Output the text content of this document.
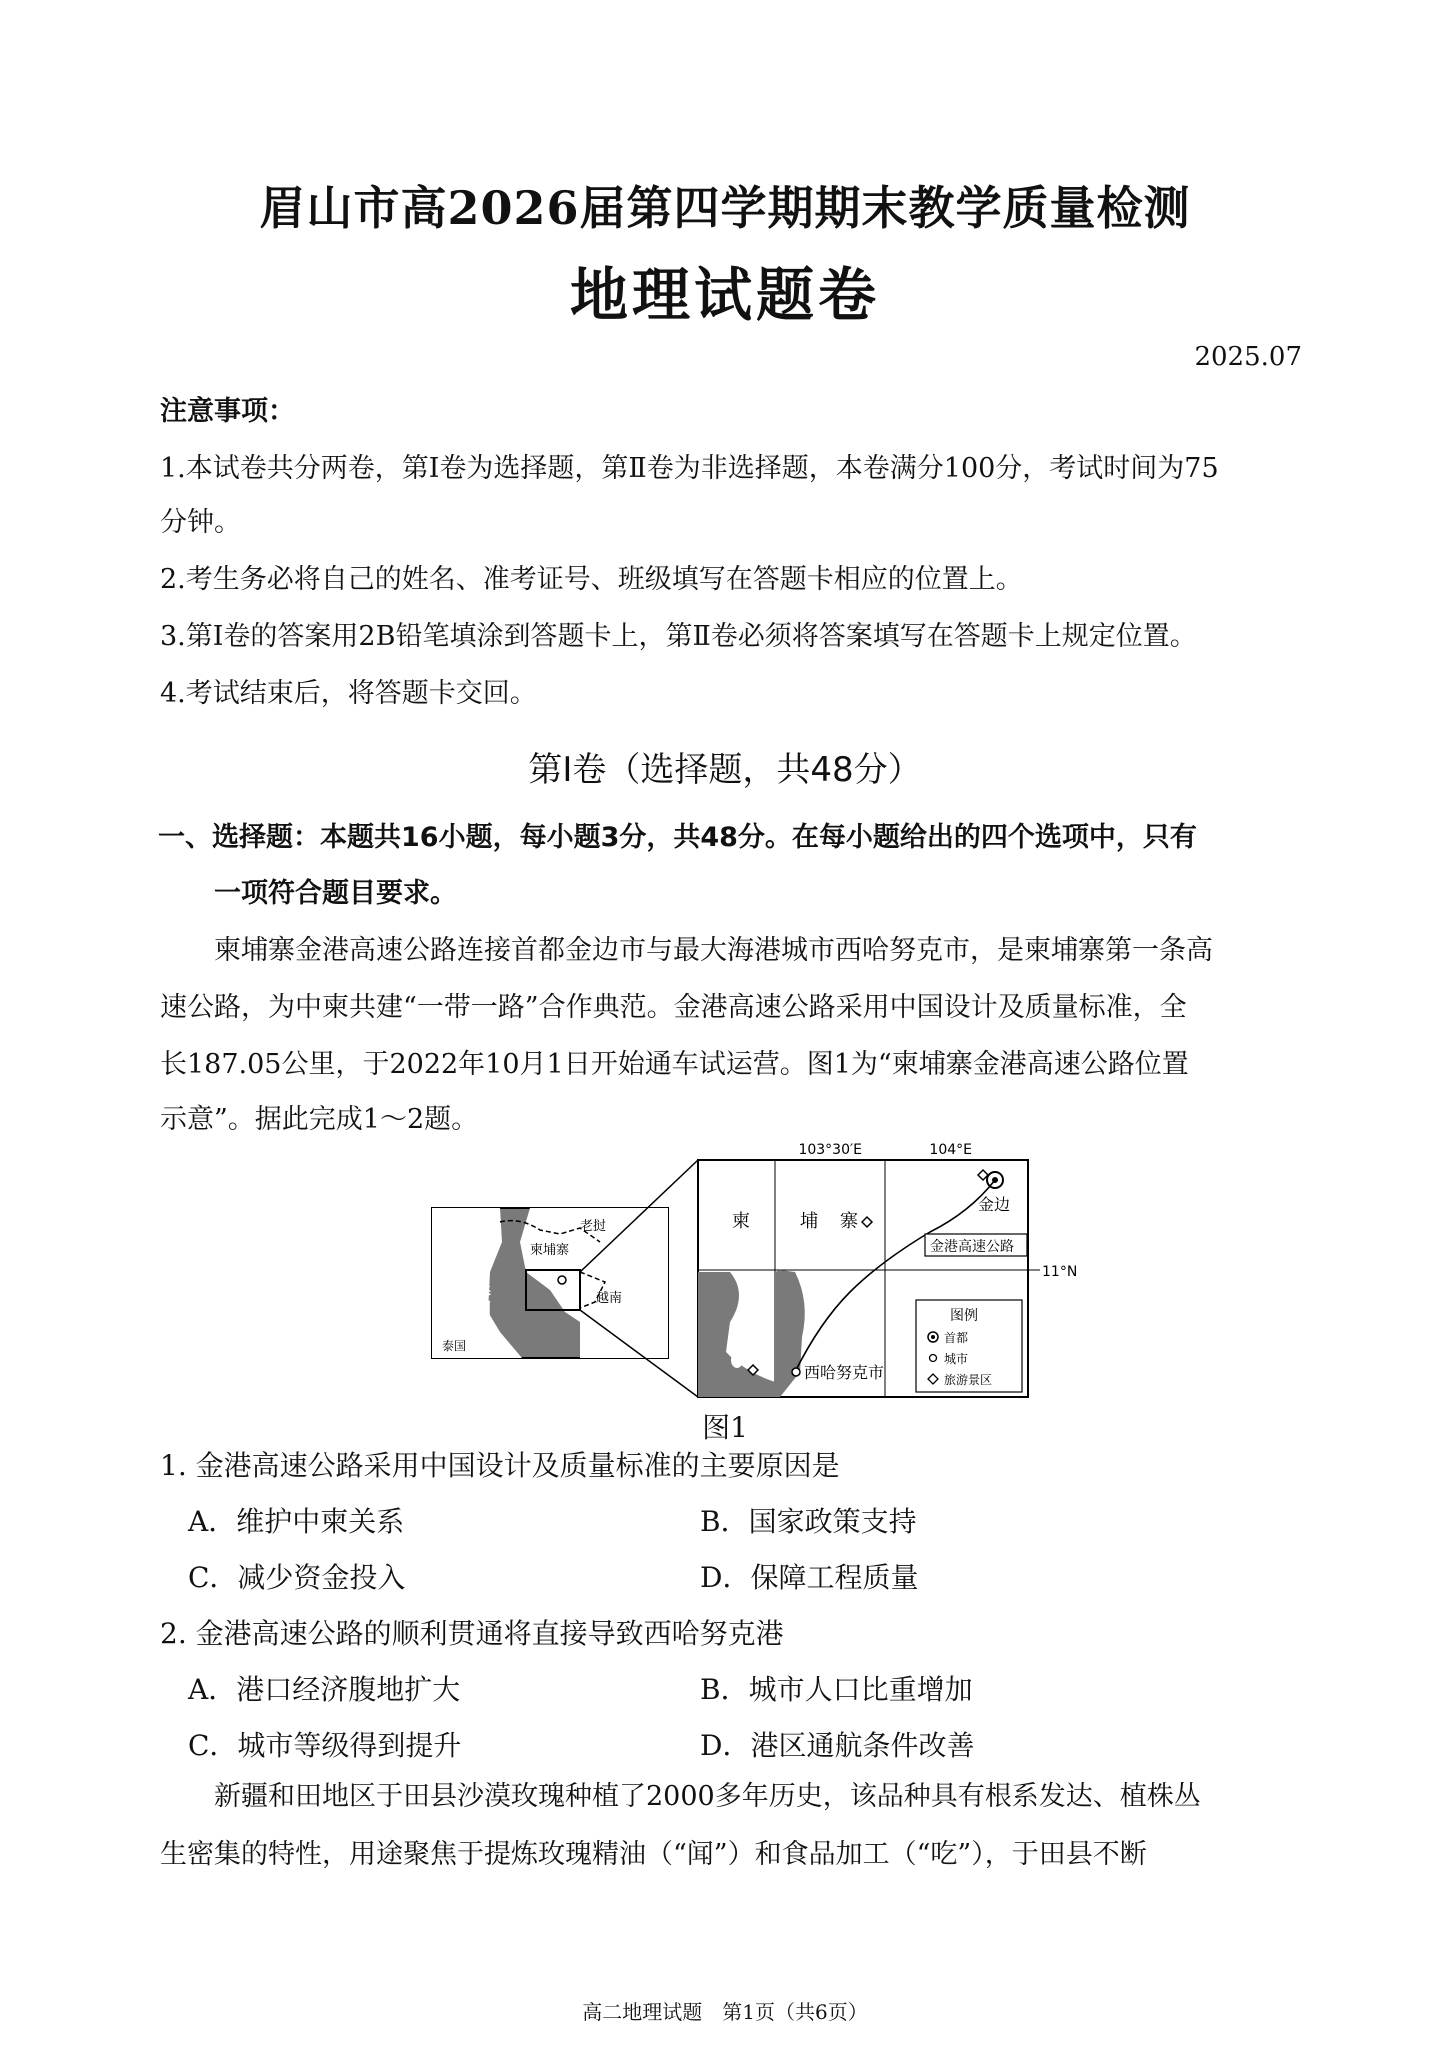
眉山市高2026届第四学期期末教学质量检测
地理试题卷
2025.07
注意事项：
1.本试卷共分两卷，第Ⅰ卷为选择题，第Ⅱ卷为非选择题，本卷满分100分，考试时间为75
分钟。
2.考生务必将自己的姓名、准考证号、班级填写在答题卡相应的位置上。
3.第Ⅰ卷的答案用2B铅笔填涂到答题卡上，第Ⅱ卷必须将答案填写在答题卡上规定位置。
4.考试结束后，将答题卡交回。
第Ⅰ卷（选择题，共48分）
一、选择题：本题共16小题，每小题3分，共48分。在每小题给出的四个选项中，只有
一项符合题目要求。
柬埔寨金港高速公路连接首都金边市与最大海港城市西哈努克市，是柬埔寨第一条高
速公路，为中柬共建“一带一路”合作典范。金港高速公路采用中国设计及质量标准，全
长187.05公里，于2022年10月1日开始通车试运营。图1为“柬埔寨金港高速公路位置
示意”。据此完成1～2题。
老挝
柬埔寨
越南
泰国
泰国湾
103°30′E	104°E
11°N
柬	埔 寨
金边
金港高速公路
西哈努克市
图例
首都
城市
旅游景区
图1
1. 金港高速公路采用中国设计及质量标准的主要原因是
A．维护中柬关系	B．国家政策支持
C．减少资金投入	D．保障工程质量
2. 金港高速公路的顺利贯通将直接导致西哈努克港
A．港口经济腹地扩大	B．城市人口比重增加
C．城市等级得到提升	D．港区通航条件改善
新疆和田地区于田县沙漠玫瑰种植了2000多年历史，该品种具有根系发达、植株丛
生密集的特性，用途聚焦于提炼玫瑰精油（“闻”）和食品加工（“吃”），于田县不断
高二地理试题　第1页（共6页）
